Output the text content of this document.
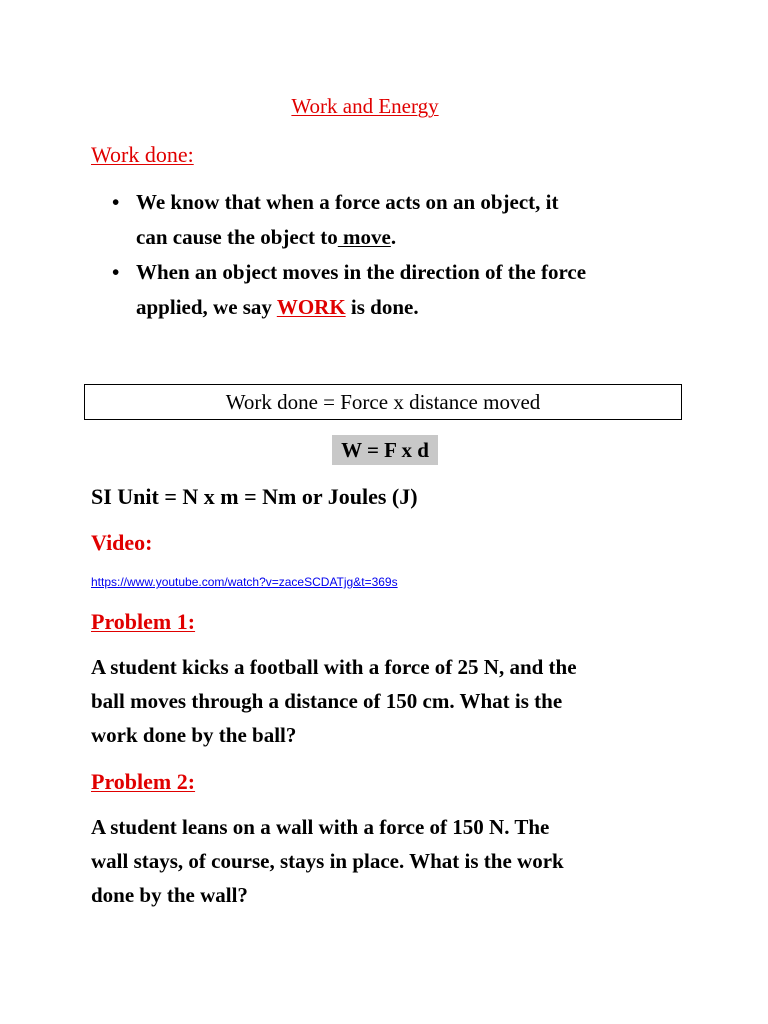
Work and Energy
Work done:
• We know that when a force acts on an object, it
can cause the object to move.
• When an object moves in the direction of the force
applied, we say WORK is done.
Work done = Force x distance moved
W = F x d
SI Unit = N x m = Nm or Joules (J)
Video:
https://www.youtube.com/watch?v=zaceSCDATjg&t=369s
Problem 1:
A student kicks a football with a force of 25 N, and the
ball moves through a distance of 150 cm. What is the
work done by the ball?
Problem 2:
A student leans on a wall with a force of 150 N. The
wall stays, of course, stays in place. What is the work
done by the wall?
